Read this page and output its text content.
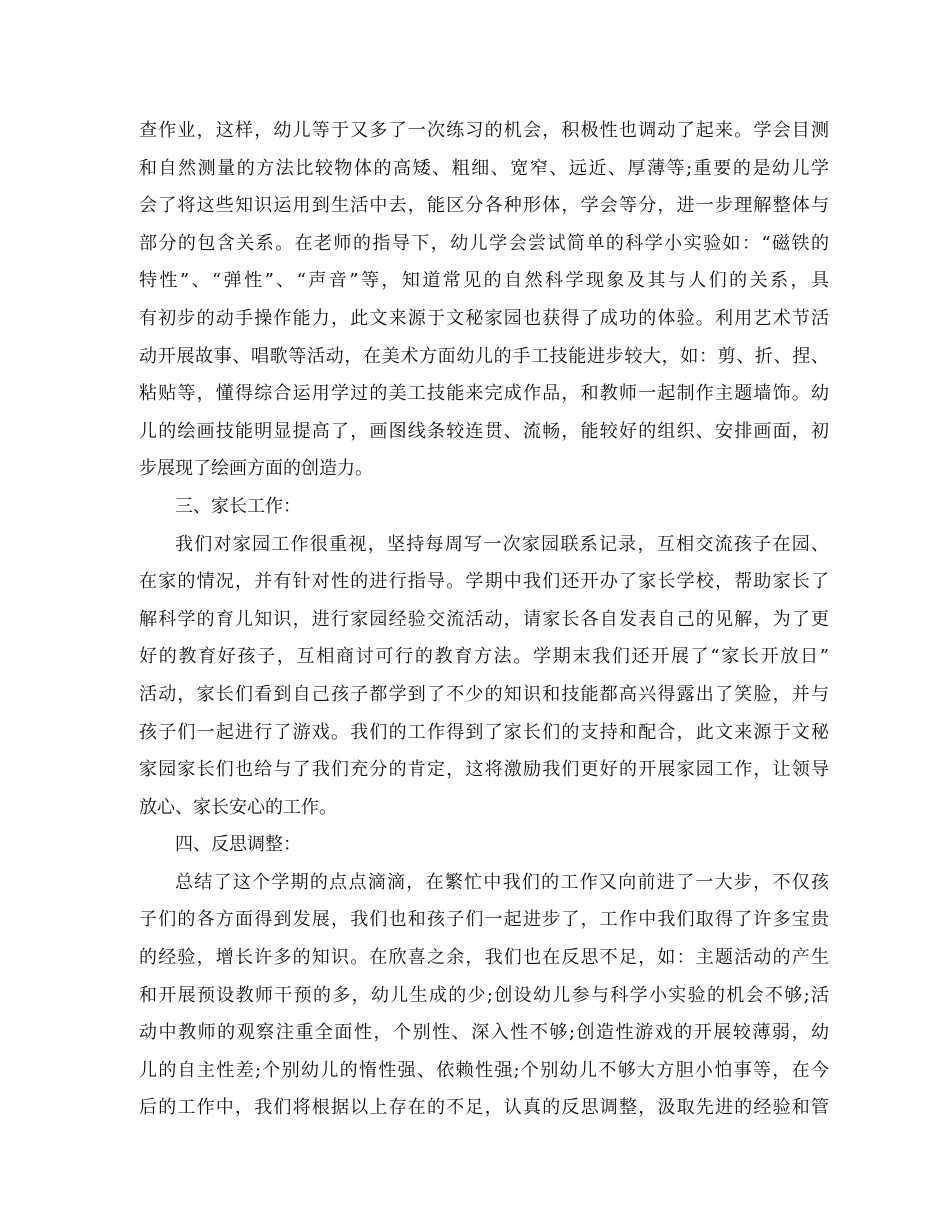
查作业，这样，幼儿等于又多了一次练习的机会，积极性也调动了起来。学会目测
和自然测量的方法比较物体的高矮、粗细、宽窄、远近、厚薄等;重要的是幼儿学
会了将这些知识运用到生活中去，能区分各种形体，学会等分，进一步理解整体与
部分的包含关系。在老师的指导下，幼儿学会尝试简单的科学小实验如：“磁铁的
特性”、“弹性”、“声音”等，知道常见的自然科学现象及其与人们的关系，具
有初步的动手操作能力，此文来源于文秘家园也获得了成功的体验。利用艺术节活
动开展故事、唱歌等活动，在美术方面幼儿的手工技能进步较大，如：剪、折、捏、
粘贴等，懂得综合运用学过的美工技能来完成作品，和教师一起制作主题墙饰。幼
儿的绘画技能明显提高了，画图线条较连贯、流畅，能较好的组织、安排画面，初
步展现了绘画方面的创造力。
三、家长工作：
我们对家园工作很重视，坚持每周写一次家园联系记录，互相交流孩子在园、
在家的情况，并有针对性的进行指导。学期中我们还开办了家长学校，帮助家长了
解科学的育儿知识，进行家园经验交流活动，请家长各自发表自己的见解，为了更
好的教育好孩子，互相商讨可行的教育方法。学期末我们还开展了“家长开放日”
活动，家长们看到自己孩子都学到了不少的知识和技能都高兴得露出了笑脸，并与
孩子们一起进行了游戏。我们的工作得到了家长们的支持和配合，此文来源于文秘
家园家长们也给与了我们充分的肯定，这将激励我们更好的开展家园工作，让领导
放心、家长安心的工作。
四、反思调整：
总结了这个学期的点点滴滴，在繁忙中我们的工作又向前进了一大步，不仅孩
子们的各方面得到发展，我们也和孩子们一起进步了，工作中我们取得了许多宝贵
的经验，增长许多的知识。在欣喜之余，我们也在反思不足，如：主题活动的产生
和开展预设教师干预的多，幼儿生成的少;创设幼儿参与科学小实验的机会不够;活
动中教师的观察注重全面性，个别性、深入性不够;创造性游戏的开展较薄弱，幼
儿的自主性差;个别幼儿的惰性强、依赖性强;个别幼儿不够大方胆小怕事等，在今
后的工作中，我们将根据以上存在的不足，认真的反思调整，汲取先进的经验和管
